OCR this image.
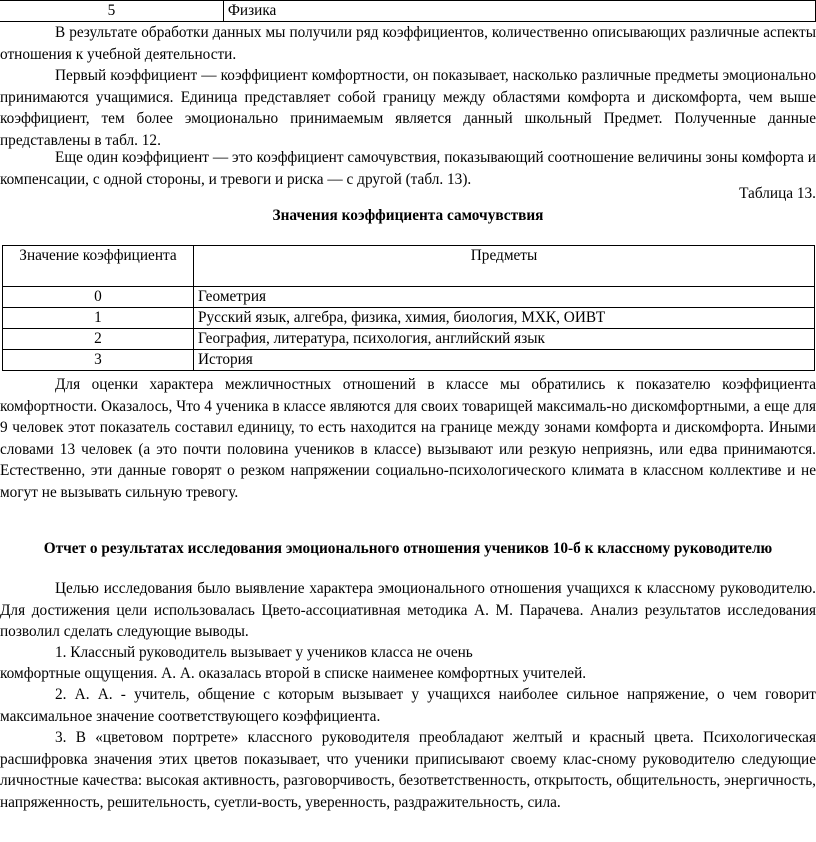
5	Физика
В результате обработки данных мы получили ряд коэффициентов, количественно описывающих различные аспекты отношения к учебной деятельности.
Первый коэффициент — коэффициент комфортности, он показывает, насколько различные предметы эмоционально принимаются учащимися. Единица представляет собой границу между областями комфорта и дискомфорта, чем выше коэффициент, тем более эмоционально принимаемым является данный школьный Предмет. Полученные данные представлены в табл. 12.
Еще один коэффициент — это коэффициент самочувствия, показывающий соотношение величины зоны комфорта и компенсации, с одной стороны, и тревоги и риска — с другой (табл. 13).
Таблица 13.
Значения коэффициента самочувствия
Значение коэффициента	Предметы
0	Геометрия
1	Русский язык, алгебра, физика, химия, биология, МХК, ОИВТ
2	География, литература, психология, английский язык
3	История
Для оценки характера межличностных отношений в классе мы обратились к показателю коэффициента комфортности. Оказалось, Что 4 ученика в классе являются для своих товарищей максималь-но дискомфортными, а еще для 9 человек этот показатель составил единицу, то есть находится на границе между зонами комфорта и дискомфорта. Иными словами 13 человек (а это почти половина учеников в классе) вызывают или резкую неприязнь, или едва принимаются. Естественно, эти данные говорят о резком напряжении социально-психологического климата в классном коллективе и не могут не вызывать сильную тревогу.
Отчет о результатах исследования эмоционального отношения учеников 10-б к классному руководителю
Целью исследования было выявление характера эмоционального отношения учащихся к классному руководителю. Для достижения цели использовалась Цвето-ассоциативная методика А. М. Парачева. Анализ результатов исследования позволил сделать следующие выводы.
1. Классный руководитель вызывает у учеников класса не очень
комфортные ощущения. А. А. оказалась второй в списке наименее комфортных учителей.
2. А. А. - учитель, общение с которым вызывает у учащихся наиболее сильное напряжение, о чем говорит максимальное значение соответствующего коэффициента.
3. В «цветовом портрете» классного руководителя преобладают желтый и красный цвета. Психологическая расшифровка значения этих цветов показывает, что ученики приписывают своему клас-сному руководителю следующие личностные качества: высокая активность, разговорчивость, безответственность, открытость, общительность, энергичность, напряженность, решительность, суетли-вость, уверенность, раздражительность, сила.
